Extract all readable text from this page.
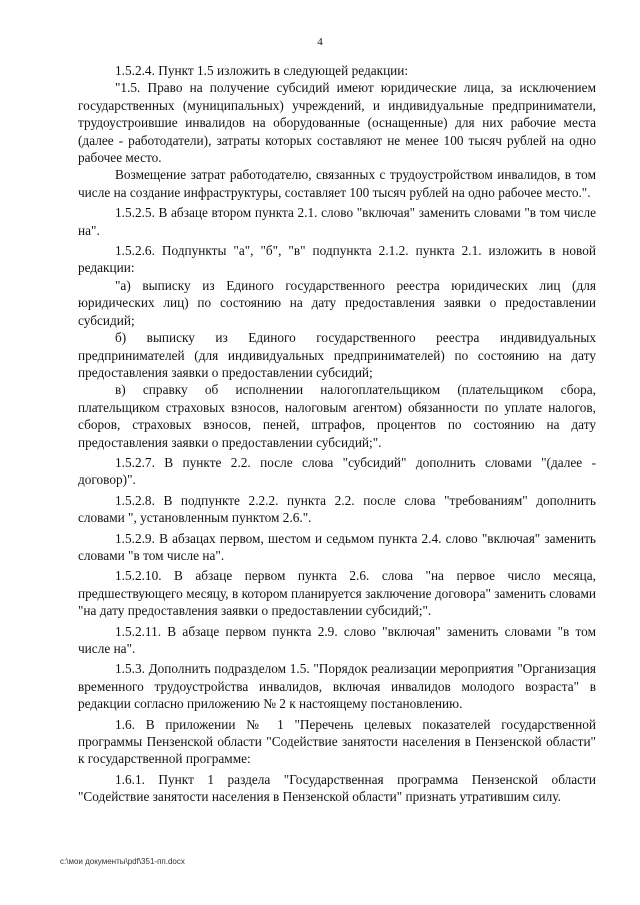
4

1.5.2.4. Пункт 1.5 изложить в следующей редакции:

"1.5. Право на получение субсидий имеют юридические лица, за исключением государственных (муниципальных) учреждений, и индивидуальные предприниматели, трудоустроившие инвалидов на оборудованные (оснащенные) для них рабочие места (далее - работодатели), затраты которых составляют не менее 100 тысяч рублей на одно рабочее место.

Возмещение затрат работодателю, связанных с трудоустройством инвалидов, в том числе на создание инфраструктуры, составляет 100 тысяч рублей на одно рабочее место.".

1.5.2.5. В абзаце втором пункта 2.1. слово "включая" заменить словами "в том числе на".

1.5.2.6. Подпункты "а", "б", "в" подпункта 2.1.2. пункта 2.1. изложить в новой редакции:

"а) выписку из Единого государственного реестра юридических лиц (для юридических лиц) по состоянию на дату предоставления заявки о предоставлении субсидий;

б) выписку из Единого государственного реестра индивидуальных предпринимателей (для индивидуальных предпринимателей) по состоянию на дату предоставления заявки о предоставлении субсидий;

в) справку об исполнении налогоплательщиком (плательщиком сбора, плательщиком страховых взносов, налоговым агентом) обязанности по уплате налогов, сборов, страховых взносов, пеней, штрафов, процентов по состоянию на дату предоставления заявки о предоставлении субсидий;".

1.5.2.7. В пункте 2.2. после слова "субсидий" дополнить словами "(далее - договор)".

1.5.2.8. В подпункте 2.2.2. пункта 2.2. после слова "требованиям" дополнить словами ", установленным пунктом 2.6.".

1.5.2.9. В абзацах первом, шестом и седьмом пункта 2.4. слово "включая" заменить словами "в том числе на".

1.5.2.10. В абзаце первом пункта 2.6. слова "на первое число месяца, предшествующего месяцу, в котором планируется заключение договора" заменить словами "на дату предоставления заявки о предоставлении субсидий;".

1.5.2.11. В абзаце первом пункта 2.9. слово "включая" заменить словами "в том числе на".

1.5.3. Дополнить подразделом 1.5. "Порядок реализации мероприятия "Организация временного трудоустройства инвалидов, включая инвалидов молодого возраста" в редакции согласно приложению № 2 к настоящему постановлению.

1.6. В приложении № 1 "Перечень целевых показателей государственной программы Пензенской области "Содействие занятости населения в Пензенской области" к государственной программе:

1.6.1. Пункт 1 раздела "Государственная программа Пензенской области "Содействие занятости населения в Пензенской области" признать утратившим силу.

c:\мои документы\pdf\351-пп.docx
